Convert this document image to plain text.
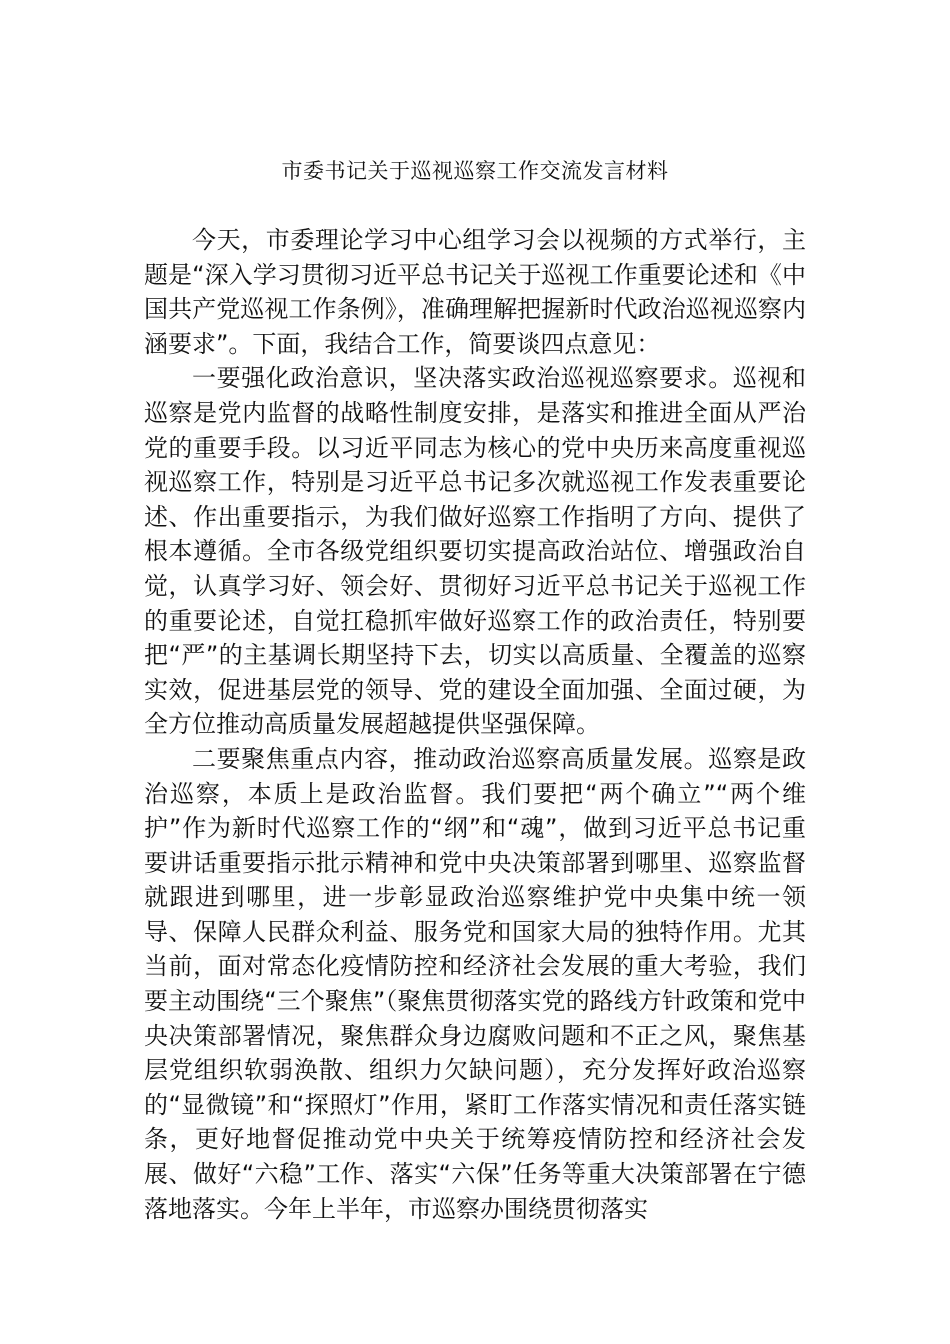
市委书记关于巡视巡察工作交流发言材料

今天，市委理论学习中心组学习会以视频的方式举行，主题是“深入学习贯彻习近平总书记关于巡视工作重要论述和《中国共产党巡视工作条例》，准确理解把握新时代政治巡视巡察内涵要求”。下面，我结合工作，简要谈四点意见：

一要强化政治意识，坚决落实政治巡视巡察要求。巡视和巡察是党内监督的战略性制度安排，是落实和推进全面从严治党的重要手段。以习近平同志为核心的党中央历来高度重视巡视巡察工作，特别是习近平总书记多次就巡视工作发表重要论述、作出重要指示，为我们做好巡察工作指明了方向、提供了根本遵循。全市各级党组织要切实提高政治站位、增强政治自觉，认真学习好、领会好、贯彻好习近平总书记关于巡视工作的重要论述，自觉扛稳抓牢做好巡察工作的政治责任，特别要把“严”的主基调长期坚持下去，切实以高质量、全覆盖的巡察实效，促进基层党的领导、党的建设全面加强、全面过硬，为全方位推动高质量发展超越提供坚强保障。

二要聚焦重点内容，推动政治巡察高质量发展。巡察是政治巡察，本质上是政治监督。我们要把“两个确立”“两个维护”作为新时代巡察工作的“纲”和“魂”，做到习近平总书记重要讲话重要指示批示精神和党中央决策部署到哪里、巡察监督就跟进到哪里，进一步彰显政治巡察维护党中央集中统一领导、保障人民群众利益、服务党和国家大局的独特作用。尤其当前，面对常态化疫情防控和经济社会发展的重大考验，我们要主动围绕“三个聚焦”（聚焦贯彻落实党的路线方针政策和党中央决策部署情况，聚焦群众身边腐败问题和不正之风，聚焦基层党组织软弱涣散、组织力欠缺问题），充分发挥好政治巡察的“显微镜”和“探照灯”作用，紧盯工作落实情况和责任落实链条，更好地督促推动党中央关于统筹疫情防控和经济社会发展、做好“六稳”工作、落实“六保”任务等重大决策部署在宁德落地落实。今年上半年，市巡察办围绕贯彻落实
